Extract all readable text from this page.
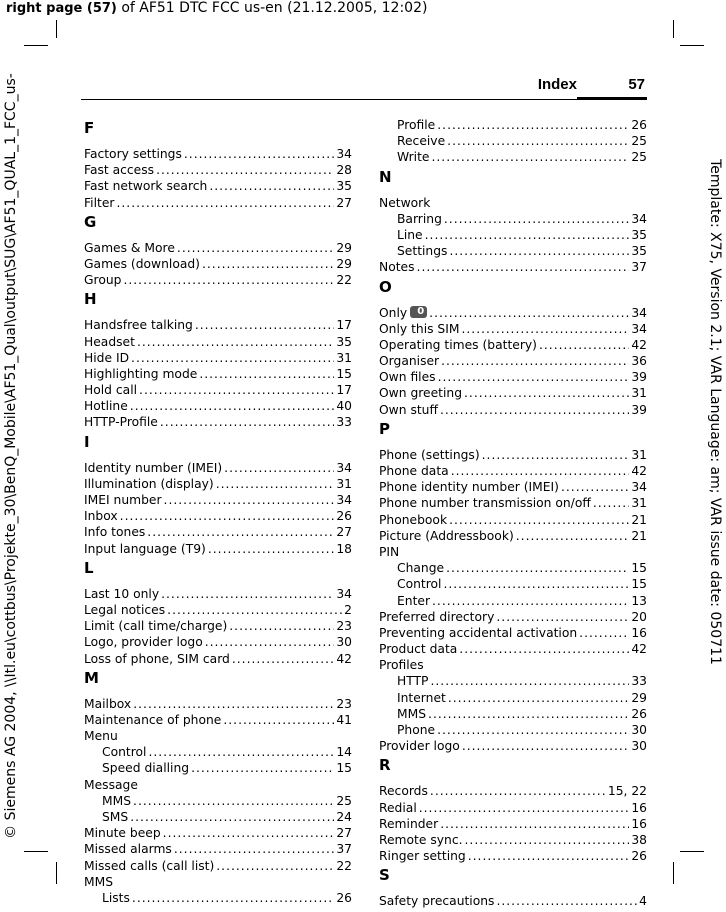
right page (57) of AF51 DTC FCC us-en (21.12.2005, 12:02)
© Siemens AG 2004, \\Itl.eu\cottbus\Projekte_30\BenQ_Mobile\AF51_Qual\output\SUG\AF51_QUAL_1_FCC_us-	Template: X75, Version 2.1; VAR Language: am; VAR issue date: 050711
Index	57
F
Factory settings .....	34
Fast access .....	28
Fast network search .....	35
Filter .....	27
G
Games & More .....	29
Games (download) .....	29
Group .....	22
H
Handsfree talking .....	17
Headset .....	35
Hide ID .....	31
Highlighting mode .....	15
Hold call .....	17
Hotline .....	40
HTTP-Profile .....	33
I
Identity number (IMEI) .....	34
Illumination (display) .....	31
IMEI number .....	34
Inbox .....	26
Info tones .....	27
Input language (T9) .....	18
L
Last 10 only .....	34
Legal notices .....	2
Limit (call time/charge) .....	23
Logo, provider logo .....	30
Loss of phone, SIM card .....	42
M
Mailbox .....	23
Maintenance of phone .....	41
Menu
Control .....	14
Speed dialling .....	15
Message
MMS .....	25
SMS .....	24
Minute beep .....	27
Missed alarms .....	37
Missed calls (call list) .....	22
MMS
Lists .....	26
Profile .....	26
Receive .....	25
Write .....	25
N
Network
Barring .....	34
Line .....	35
Settings .....	35
Notes .....	37
O
Only 0 .....	34
Only this SIM .....	34
Operating times (battery) .....	42
Organiser .....	36
Own files .....	39
Own greeting .....	31
Own stuff .....	39
P
Phone (settings) .....	31
Phone data .....	42
Phone identity number (IMEI) .....	34
Phone number transmission on/off .....	31
Phonebook .....	21
Picture (Addressbook) .....	21
PIN
Change .....	15
Control .....	15
Enter .....	13
Preferred directory .....	20
Preventing accidental activation .....	16
Product data .....	42
Profiles
HTTP .....	33
Internet .....	29
MMS .....	26
Phone .....	30
Provider logo .....	30
R
Records .....	15, 22
Redial .....	16
Reminder .....	16
Remote sync. .....	38
Ringer setting .....	26
S
Safety precautions .....	4
